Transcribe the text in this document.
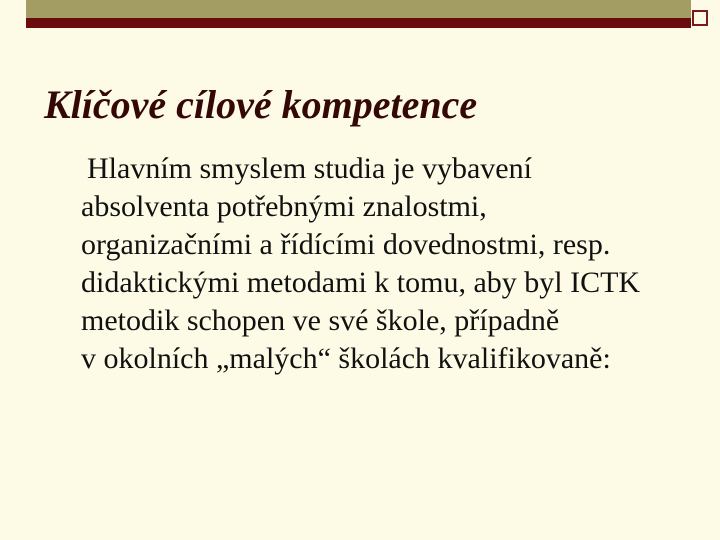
Klíčové cílové kompetence
Hlavním smyslem studia je vybavení
absolventa potřebnými znalostmi,
organizačními a řídícími dovednostmi, resp.
didaktickými metodami k tomu, aby byl ICTK
metodik schopen ve své škole, případně
v okolních „malých“ školách kvalifikovaně:
